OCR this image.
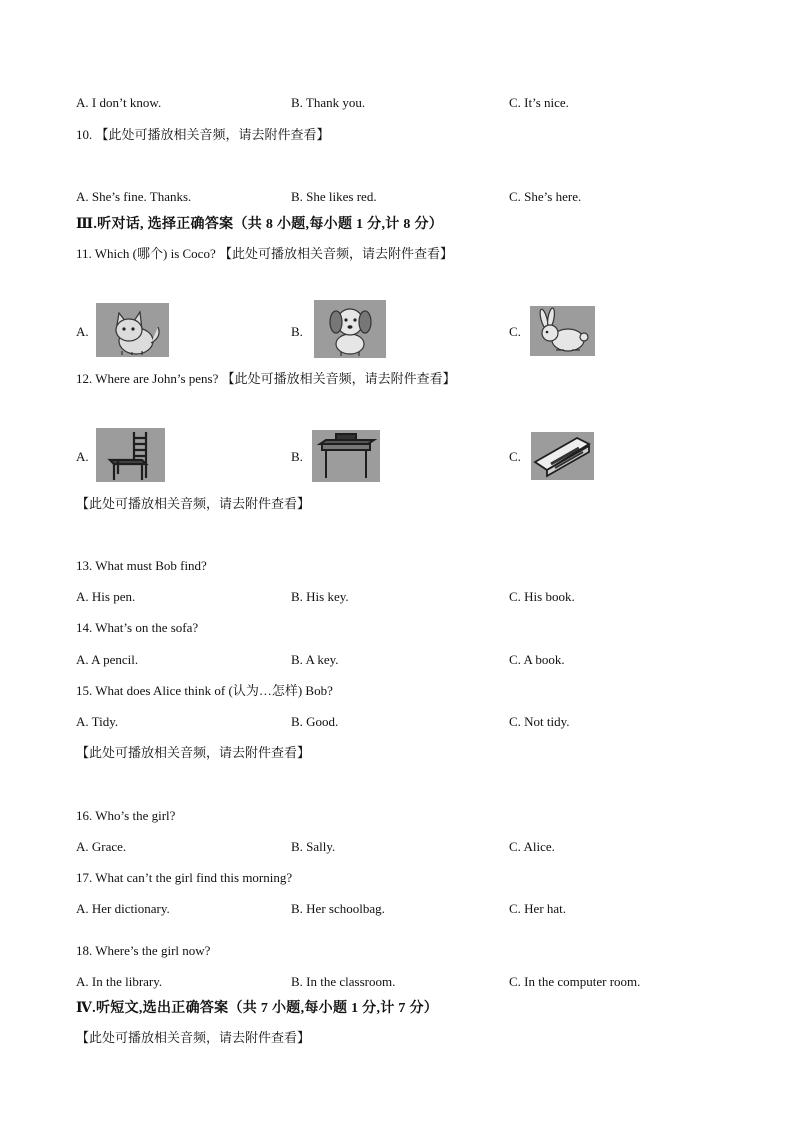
A. I don’t know.	B. Thank you.	C. It’s nice.
10. 【此处可播放相关音频，请去附件查看】
A. She’s fine. Thanks.	B. She likes red.	C. She’s here.
Ⅲ.听对话, 选择正确答案（共 8 小题,每小题 1 分,计 8 分）
11. Which (哪个) is Coco? 【此处可播放相关音频，请去附件查看】
A.	B.	C.
12. Where are John’s pens? 【此处可播放相关音频，请去附件查看】
A.	B.	C.
【此处可播放相关音频，请去附件查看】
13. What must Bob find?
A. His pen.	B. His key.	C. His book.
14. What’s on the sofa?
A. A pencil.	B. A key.	C. A book.
15. What does Alice think of (认为…怎样) Bob?
A. Tidy.	B. Good.	C. Not tidy.
【此处可播放相关音频，请去附件查看】
16. Who’s the girl?
A. Grace.	B. Sally.	C. Alice.
17. What can’t the girl find this morning?
A. Her dictionary.	B. Her schoolbag.	C. Her hat.
18. Where’s the girl now?
A. In the library.	B. In the classroom.	C. In the computer room.
Ⅳ.听短文,选出正确答案（共 7 小题,每小题 1 分,计 7 分）
【此处可播放相关音频，请去附件查看】
